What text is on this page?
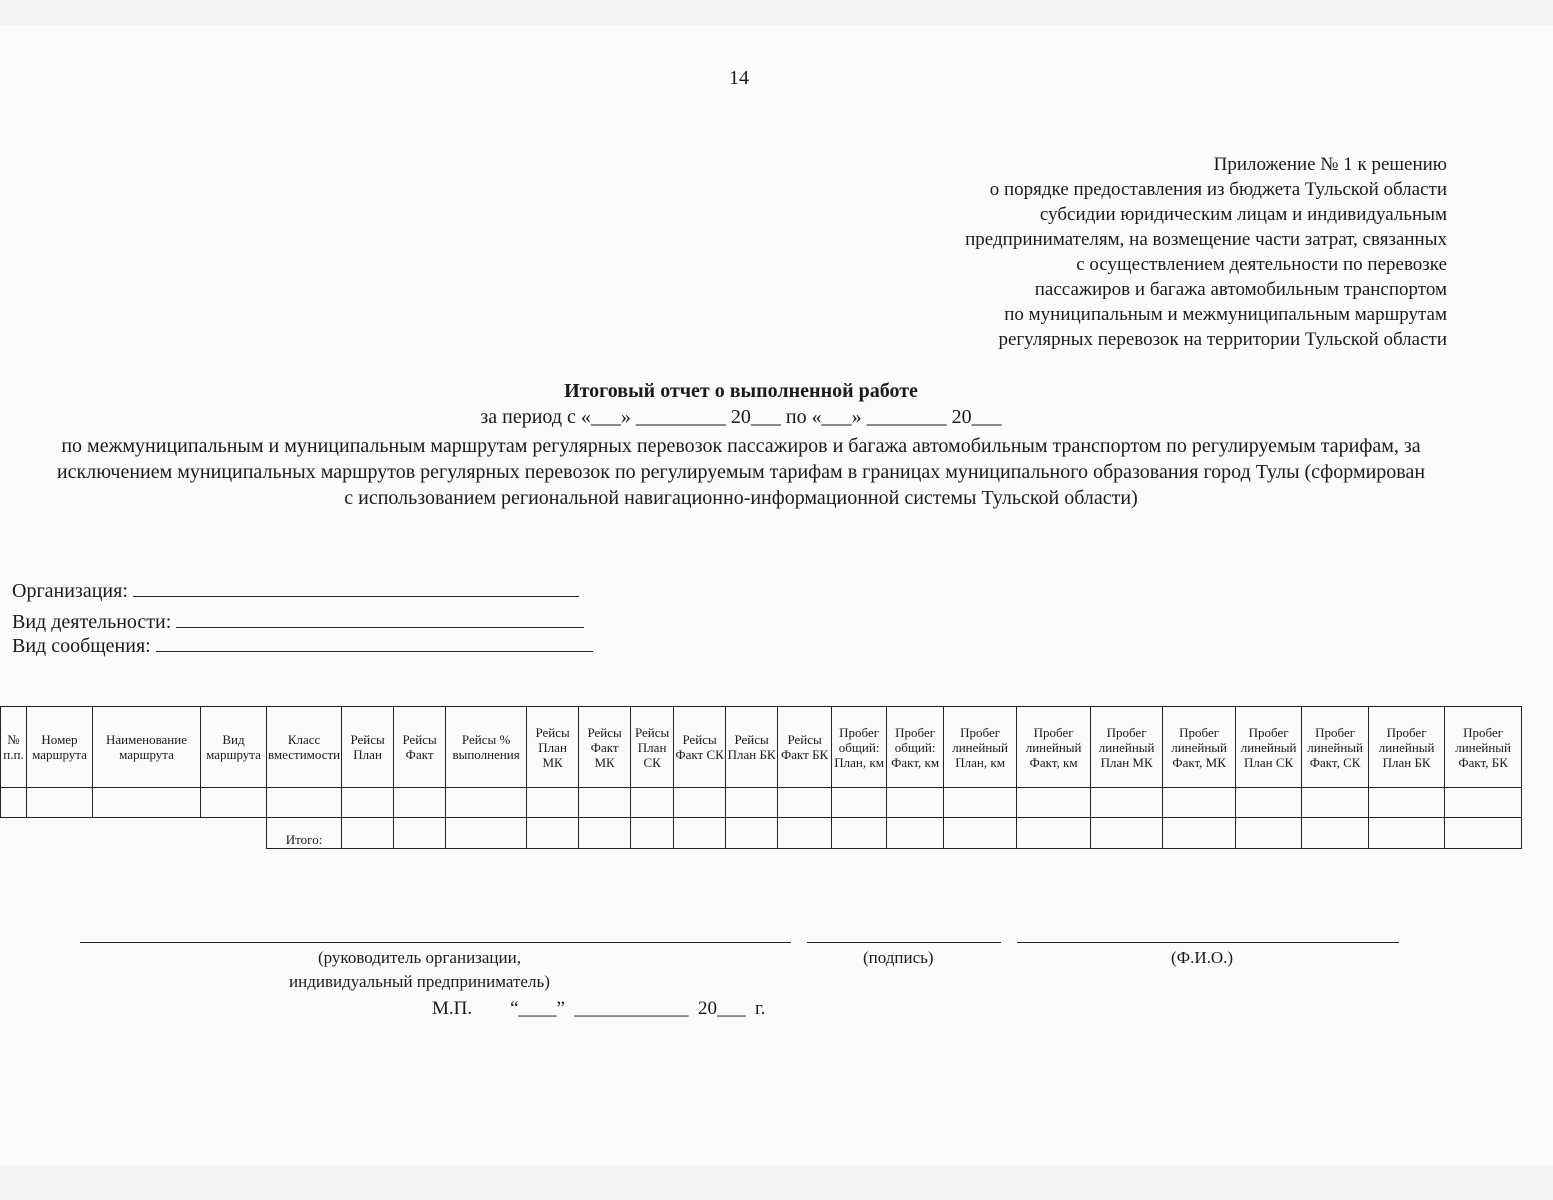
14
Приложение № 1 к решению
о порядке предоставления из бюджета Тульской области
субсидии юридическим лицам и индивидуальным
предпринимателям, на возмещение части затрат, связанных
с осуществлением деятельности по перевозке
пассажиров и багажа автомобильным транспортом
по муниципальным и межмуниципальным маршрутам
регулярных перевозок на территории Тульской области
Итоговый отчет о выполненной работе
за период с «___» _________ 20___ по «___» ________ 20___
по межмуниципальным и муниципальным маршрутам регулярных перевозок пассажиров и багажа автомобильным транспортом по регулируемым тарифам, за исключением муниципальных маршрутов регулярных перевозок по регулируемым тарифам в границах муниципального образования город Тулы (сформирован с использованием региональной навигационно-информационной системы Тульской области)
Организация:
Вид деятельности:
Вид сообщения:
№ п.п.	Номер маршрута	Наименование маршрута	Вид маршрута	Класс вместимости	Рейсы План	Рейсы Факт	Рейсы % выполнения	Рейсы План МК	Рейсы Факт МК	Рейсы План СК	Рейсы Факт СК	Рейсы План БК	Рейсы Факт БК	Пробег общий: План, км	Пробег общий: Факт, км	Пробег линейный План, км	Пробег линейный Факт, км	Пробег линейный План МК	Пробег линейный Факт, МК	Пробег линейный План СК	Пробег линейный Факт, СК	Пробег линейный План БК	Пробег линейный Факт, БК

				Итого:																			
(руководитель организации,
индивидуальный предприниматель)
(подпись)	(Ф.И.О.)
М.П.        “____”  ____________  20___  г.
